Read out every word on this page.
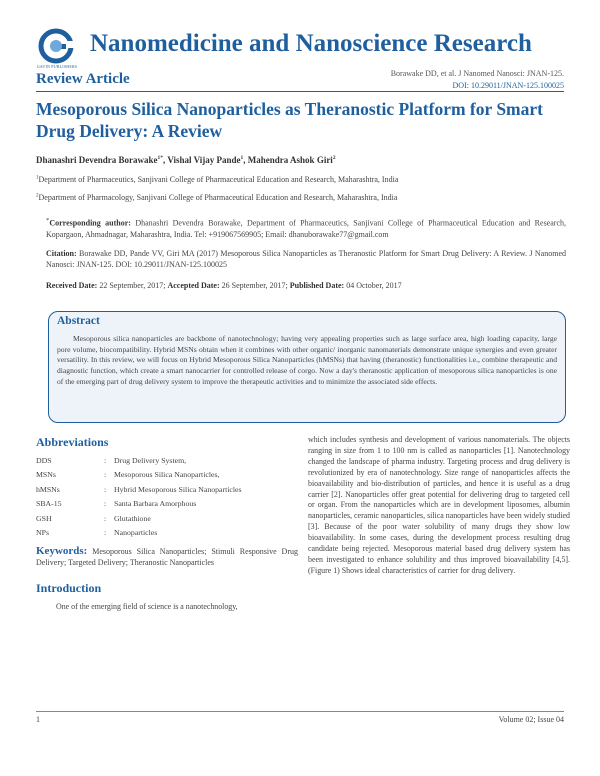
GAVIN PUBLISHERS
Nanomedicine and Nanoscience Research
Review Article	Borawake DD, et al. J Nanomed Nanosci: JNAN-125.
DOI: 10.29011/JNAN-125.100025
Mesoporous Silica Nanoparticles as Theranostic Platform for Smart Drug Delivery: A Review
Dhanashri Devendra Borawake$^{1*}$, Vishal Vijay Pande$^1$, Mahendra Ashok Giri$^2$
$^1$Department of Pharmaceutics, Sanjivani College of Pharmaceutical Education and Research, Maharashtra, India
$^2$Department of Pharmacology, Sanjivani College of Pharmaceutical Education and Research, Maharashtra, India
*Corresponding author: Dhanashri Devendra Borawake, Department of Pharmaceutics, Sanjivani College of Pharmaceutical Education and Research, Kopargaon, Ahmadnagar, Maharashtra, India. Tel: +919067569905; Email: dhanuborawake77@gmail.com
Citation: Borawake DD, Pande VV, Giri MA (2017) Mesoporous Silica Nanoparticles as Theranostic Platform for Smart Drug Delivery: A Review. J Nanomed Nanosci: JNAN-125. DOI: 10.29011/JNAN-125.100025
Received Date: 22 September, 2017; Accepted Date: 26 September, 2017; Published Date: 04 October, 2017
Abstract
Mesoporous silica nanoparticles are backbone of nanotechnology; having very appealing properties such as large surface area, high loading capacity, large pore volume, biocompatibility. Hybrid MSNs obtain when it combines with other organic/ inorganic nanomaterials demonstrate unique synergies and even greater versatility. In this review, we will focus on Hybrid Mesoporous Silica Nanoparticles (hMSNs) that having (theranostic) functionalities i.e., combine therapeutic and diagnostic function, which create a smart nanocarrier for controlled release of corgo. Now a day's theranostic application of mesoporous silica nanoparticles is one of the emerging part of drug delivery system to improve the therapeutic activities and to minimize the associated side effects.
Abbreviations
DDS	:	Drug Delivery System,
MSNs	:	Mesoporous Silica Nanoparticles,
hMSNs	:	Hybrid Mesoporous Silica Nanoparticles
SBA-15	:	Santa Barbara Amorphous
GSH	:	Glutathione
NPs	:	Nanoparticles
Keywords: Mesoporous Silica Nanoparticles; Stimuli Responsive Drug Delivery; Targeted Delivery; Theranostic Nanoparticles
Introduction
One of the emerging field of science is a nanotechnology,
which includes synthesis and development of various nanomaterials. The objects ranging in size from 1 to 100 nm is called as nanoparticles [1]. Nanotechnology changed the landscape of pharma industry. Targeting process and drug delivery is revolutionized by era of nanotechnology. Size range of nanoparticles affects the bioavailability and bio-distribution of particles, and hence it is useful as a drug carrier [2]. Nanoparticles offer great potential for delivering drug to targeted cell or organ. From the nanoparticles which are in development liposomes, albumin nanoparticles, ceramic nanoparticles, silica nanoparticles have been widely studied [3]. Because of the poor water solubility of many drugs they show low bioavailability. In some cases, during the development process resulting drug candidate being rejected. Mesoporous material based drug delivery system has been investigated to enhance solubility and thus improved bioavailability [4,5]. (Figure 1) Shows ideal characteristics of carrier for drug delivery.
1	Volume 02; Issue 04
